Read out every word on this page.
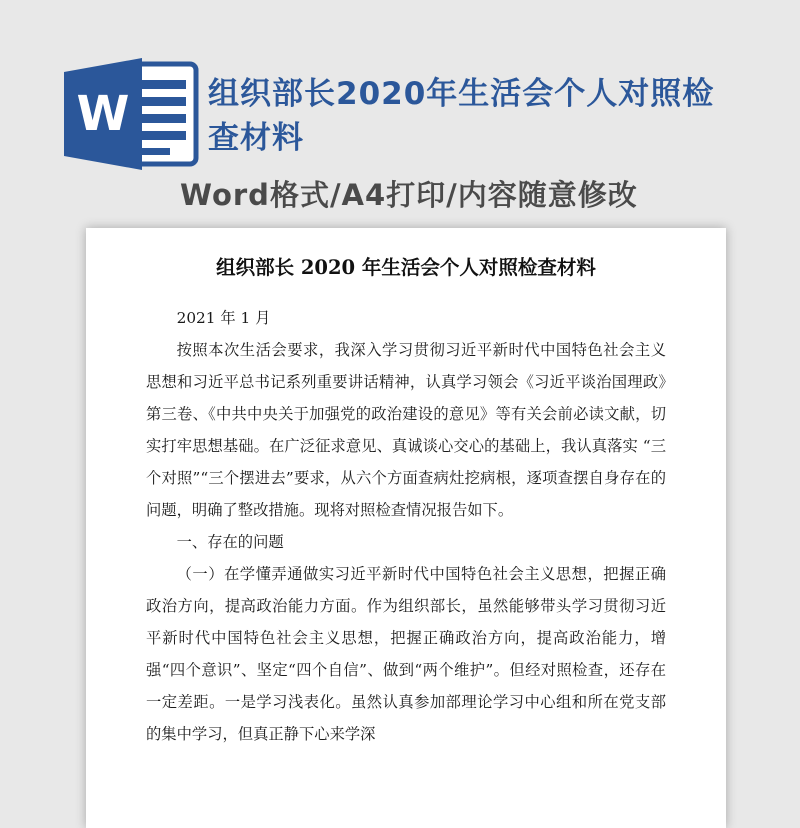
W	组织部长2020年生活会个人对照检查材料

Word格式/A4打印/内容随意修改

组织部长 2020 年生活会个人对照检查材料

2021 年 1 月

按照本次生活会要求，我深入学习贯彻习近平新时代中国特色社会主义思想和习近平总书记系列重要讲话精神，认真学习领会《习近平谈治国理政》第三卷、《中共中央关于加强党的政治建设的意见》等有关会前必读文献，切实打牢思想基础。在广泛征求意见、真诚谈心交心的基础上，我认真落实 “三个对照”“三个摆进去”要求，从六个方面查病灶挖病根，逐项查摆自身存在的问题，明确了整改措施。现将对照检查情况报告如下。

一、存在的问题

（一）在学懂弄通做实习近平新时代中国特色社会主义思想，把握正确政治方向，提高政治能力方面。作为组织部长，虽然能够带头学习贯彻习近平新时代中国特色社会主义思想，把握正确政治方向，提高政治能力，增强“四个意识”、坚定“四个自信”、做到“两个维护”。但经对照检查，还存在一定差距。一是学习浅表化。虽然认真参加部理论学习中心组和所在党支部的集中学习，但真正静下心来学深
